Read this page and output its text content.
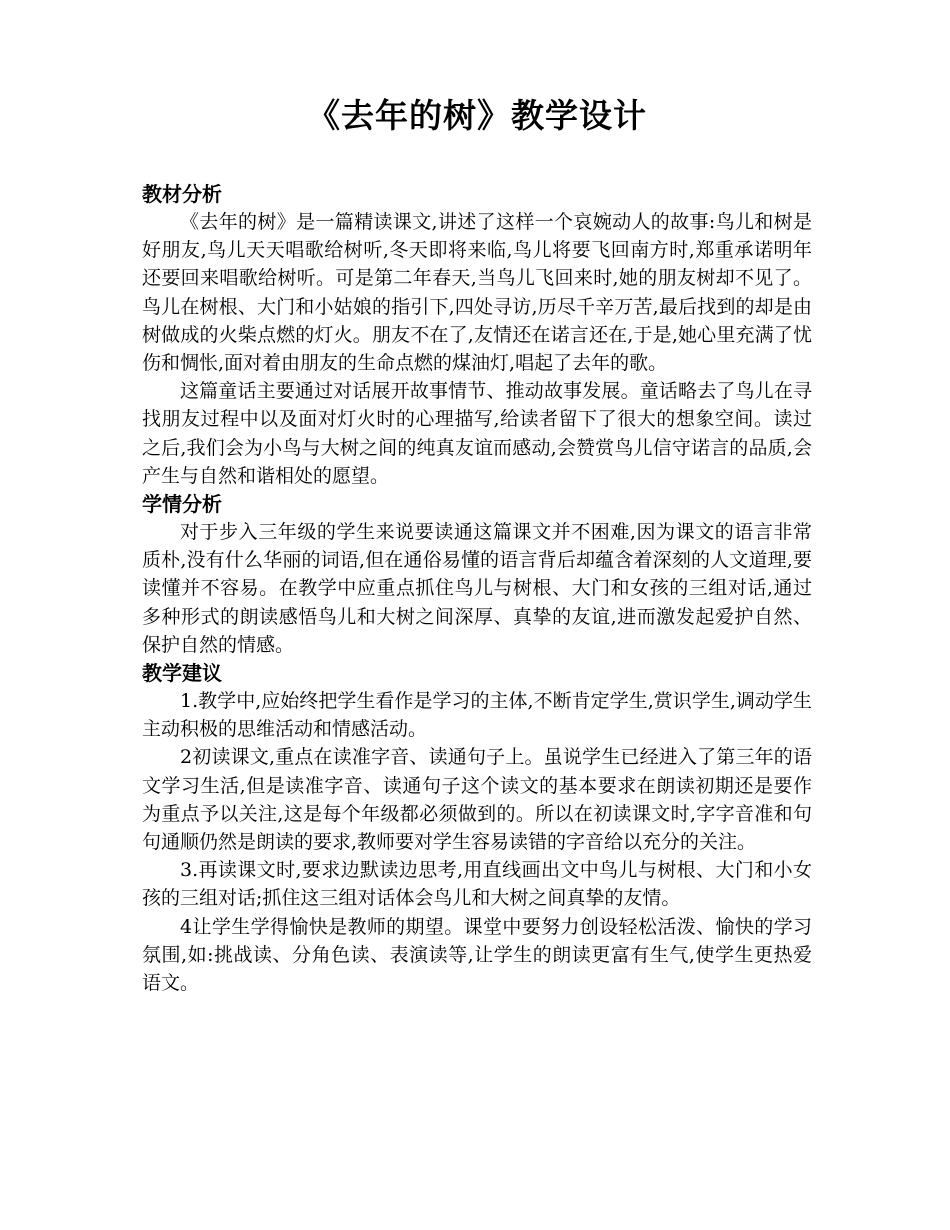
《去年的树》教学设计
教材分析

《去年的树》是一篇精读课文,讲述了这样一个哀婉动人的故事:鸟儿和树是好朋友,鸟儿天天唱歌给树听,冬天即将来临,鸟儿将要飞回南方时,郑重承诺明年还要回来唱歌给树听。可是第二年春天,当鸟儿飞回来时,她的朋友树却不见了。鸟儿在树根、大门和小姑娘的指引下,四处寻访,历尽千辛万苦,最后找到的却是由树做成的火柴点燃的灯火。朋友不在了,友情还在诺言还在,于是,她心里充满了忧伤和惆怅,面对着由朋友的生命点燃的煤油灯,唱起了去年的歌。

这篇童话主要通过对话展开故事情节、推动故事发展。童话略去了鸟儿在寻找朋友过程中以及面对灯火时的心理描写,给读者留下了很大的想象空间。读过之后,我们会为小鸟与大树之间的纯真友谊而感动,会赞赏鸟儿信守诺言的品质,会产生与自然和谐相处的愿望。

学情分析

对于步入三年级的学生来说要读通这篇课文并不困难,因为课文的语言非常质朴,没有什么华丽的词语,但在通俗易懂的语言背后却蕴含着深刻的人文道理,要读懂并不容易。在教学中应重点抓住鸟儿与树根、大门和女孩的三组对话,通过多种形式的朗读感悟鸟儿和大树之间深厚、真挚的友谊,进而激发起爱护自然、保护自然的情感。

教学建议

1.教学中,应始终把学生看作是学习的主体,不断肯定学生,赏识学生,调动学生主动积极的思维活动和情感活动。

2初读课文,重点在读准字音、读通句子上。虽说学生已经进入了第三年的语文学习生活,但是读准字音、读通句子这个读文的基本要求在朗读初期还是要作为重点予以关注,这是每个年级都必须做到的。所以在初读课文时,字字音准和句句通顺仍然是朗读的要求,教师要对学生容易读错的字音给以充分的关注。

3.再读课文时,要求边默读边思考,用直线画出文中鸟儿与树根、大门和小女孩的三组对话;抓住这三组对话体会鸟儿和大树之间真挚的友情。

4让学生学得愉快是教师的期望。课堂中要努力创设轻松活泼、愉快的学习氛围,如:挑战读、分角色读、表演读等,让学生的朗读更富有生气,使学生更热爱语文。
